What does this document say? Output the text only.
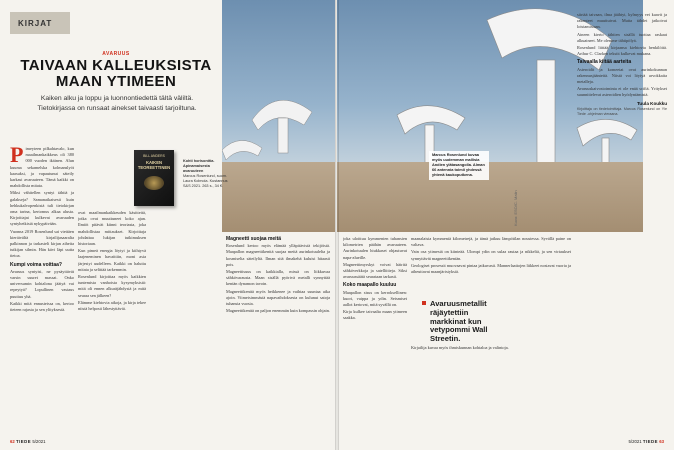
KIRJAT
AVARUUS
TAIVAAN KALLEUKSISTA MAAN YTIMEEN
Kaiken alku ja loppu ja luonnontiedettä tältä väliltä. Tietokirjassa on runsaat ainekset taivaasti tarjoiltuna.
BILL ANDERS
KAIKEN TEOREETTINEN
Kohti horisonttia. Apinamaisesta avaruuteen
Marcus Rosenlund, suom. Laura Kolmola. Kustannus S&S 2021. 263 s., 34 €.

Pimeyteen pilkahtavalo, kun maailmankaikkeus oli 380 000 vuoden ikäinen. Alun kuuma sekamelska kolmanslyöt kaasuksi, ja vapautunut säteily karkasi avaruuteen. Tämä kaikki on mahdollista mitata.

Miksi vähitellen syntyi tähtiä ja galakseja? Samanaikaisesti kuin hehkukalvopenkistä tuli tietokirjan oma tarina, kertomus alkaa alusta. Kirjoittajat kulkevat avaruuden syntyhetkistä nykypäivään.

Vuonna 2019 Rosenlund sai viettäen kiertävältä kirjailijasaaralta palkinnon ja tarkasteli kirjan aiheita tutkijan silmin. Hän kävi läpi uutta tietoa.

Kumpi voima voittaa?

Avaruus syntyisi, ne pysäyttävät varsin suuret massat. Onko universumin kohtalona jäätyä vai repeytyä? Lopullinen vastaus puuttuu yhä.

Kaikki mitä ennusteissa on, kertoo tieteen rajasta ja sen ylityksestä.

ovat maailmankaikkeuden käsitteitä, jotka ovat muuttuneet koko ajan. Ilmiöt pitävät kiinni teoriasta, joka mahdollistaa mittaukset. Kirjoittaja johdattaa lukijan tutkimuksen historiaan.

Kun pimeä energia löytyi ja kiihtyvä laajeneminen havaittiin, moni asia järjestyi uudelleen. Kaikki on haluttu mitata ja selittää tarkemmin.

Rosenlund kirjoittaa myös kaikkien tuntemista vanhoista kysymyksistä: mitä oli ennen alkuräjähdystä ja mitä seuraa sen jälkeen?

Elämme kiehtovia aikoja, ja kirja tekee niistä helposti lähestyttäviä.

Magneetti suojaa meitä

Rosenlund kertoo myös elämää ylläpitävistä tekijöistä. Maapallon magneettikenttä suojaa meitä aurinkotuulelta ja kosmiselta säteilyltä. Ilman sitä ilmakehä kuluisi hitaasti pois.

Magneettisuus on kaikkialla, missä on liikkuvaa sähkövarausta. Maan sisällä pyörivä metalli synnyttää kentän dynamon tavoin.

Magneettikenttä myös heikkenee ja vaihtaa suuntaa aika ajoin. Viimeisimmästä napavaihdoksesta on kulunut satoja tuhansia vuosia.

Magneettikenttä on paljon enemmän kuin kompassin ohjain.

62 TIEDE 5/2021
Marcus Rosenlund kuvaa myös uudemman mallisia Andien ylätasangolla. Alman 66 antennia toimii yhdessä yhtenä kaukoputkena.
Kuva: ESO/C. Malin

joka uloittuu kymmenien tuhansien kilometrien päähän avaruuteen. Aurinkotuulen hiukkaset ohjautuvat napa-alueille.

Magneettimyrskyt voivat häiritä sähköverkkoja ja satelliitteja. Siksi avaruussäätä seurataan tarkasti.

Koko maapallo kuuluu

Maapallon sisus on kerroksellinen: kuori, vaippa ja ydin. Seismiset aallot kertovat, mitä syvällä on.

Kirja kulkee taivaalta maan ytimeen saakka.

maanalaisia kymmeniä kilometrejä, ja tämä jatkuu lämpötilan noustessa. Syvällä paine on valtava.

Vain osa ytimestä on kiinteää. Ulompi ydin on sulaa rautaa ja nikkeliä, ja sen virtaukset synnyttävät magneettikentän.

Geologiset prosessit muovaavat pintaa jatkuvasti. Mannerlaattojen liikkeet nostavat vuoria ja aiheuttavat maanjäristyksiä.

Avaruusmetallit räjäytettiin markkinat kun vetypommi Wall Streetin.

Kirjailija kuvaa myös ihmiskunnan kohtaloa ja valintoja.

siirtää taivaan, ilma jäähtyi, kylmyys vei kaavit ja rakenteet muuttuivat. Mutta tähdet jatkoivat loistamistaan.

Aineen kierto tähtien sisällä tuottaa raskaat alkuaineet. Me olemme tähtipölyä.

Rosenlund liittää kirjaansa kiehtovia henkilöitä. Arthur C. Clarken tekstit kulkevat mukana.

Taivaalla kiitää aarteita

Asteroidit ja komeetat ovat aurinkokunnan rakennusjäänteitä. Niistä voi löytyä arvokkaita metalleja.

Avaruuskaivostoiminta ei ole enää scifiä. Yritykset suunnittelevat asteroidien hyödyntämistä.

Tuula Koukku
Kirjoittaja on tiedetoimittaja. Marcus Rosenlund on Yle Tiede -ohjelman vieraana.
5/2021 TIEDE 63
